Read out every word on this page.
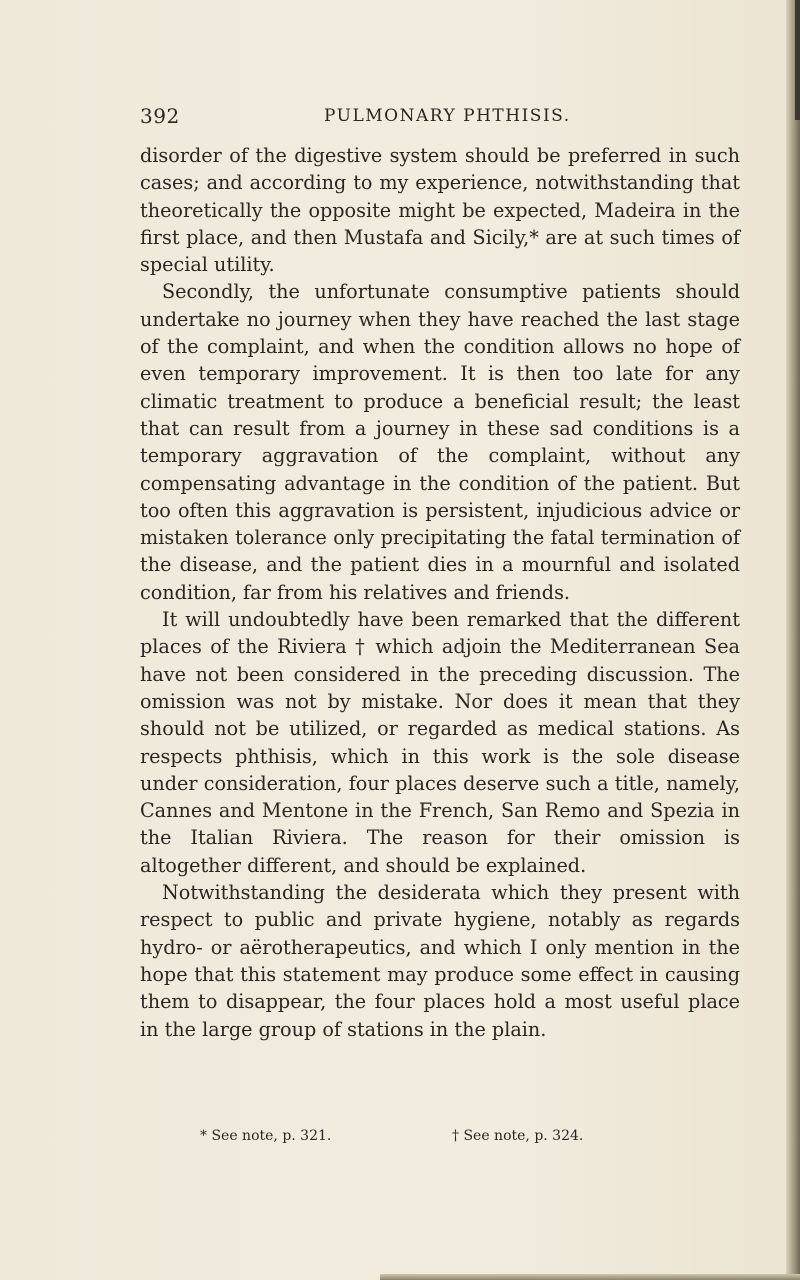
392	PULMONARY PHTHISIS.

disorder of the digestive system should be preferred in such cases; and according to my experience, notwithstanding that theoretically the opposite might be expected, Madeira in the first place, and then Mustafa and Sicily,* are at such times of special utility.

Secondly, the unfortunate consumptive patients should undertake no journey when they have reached the last stage of the complaint, and when the condition allows no hope of even temporary improvement. It is then too late for any climatic treatment to produce a beneficial result; the least that can result from a journey in these sad conditions is a temporary aggravation of the complaint, without any compensating advantage in the condition of the patient. But too often this aggravation is persistent, injudicious advice or mistaken tolerance only precipitating the fatal termination of the disease, and the patient dies in a mournful and isolated condition, far from his relatives and friends.

It will undoubtedly have been remarked that the different places of the Riviera † which adjoin the Mediterranean Sea have not been considered in the preceding discussion. The omission was not by mistake. Nor does it mean that they should not be utilized, or regarded as medical stations. As respects phthisis, which in this work is the sole disease under consideration, four places deserve such a title, namely, Cannes and Mentone in the French, San Remo and Spezia in the Italian Riviera. The reason for their omission is altogether different, and should be explained.

Notwithstanding the desiderata which they present with respect to public and private hygiene, notably as regards hydro- or aërotherapeutics, and which I only mention in the hope that this statement may produce some effect in causing them to disappear, the four places hold a most useful place in the large group of stations in the plain.

* See note, p. 321.	† See note, p. 324.
